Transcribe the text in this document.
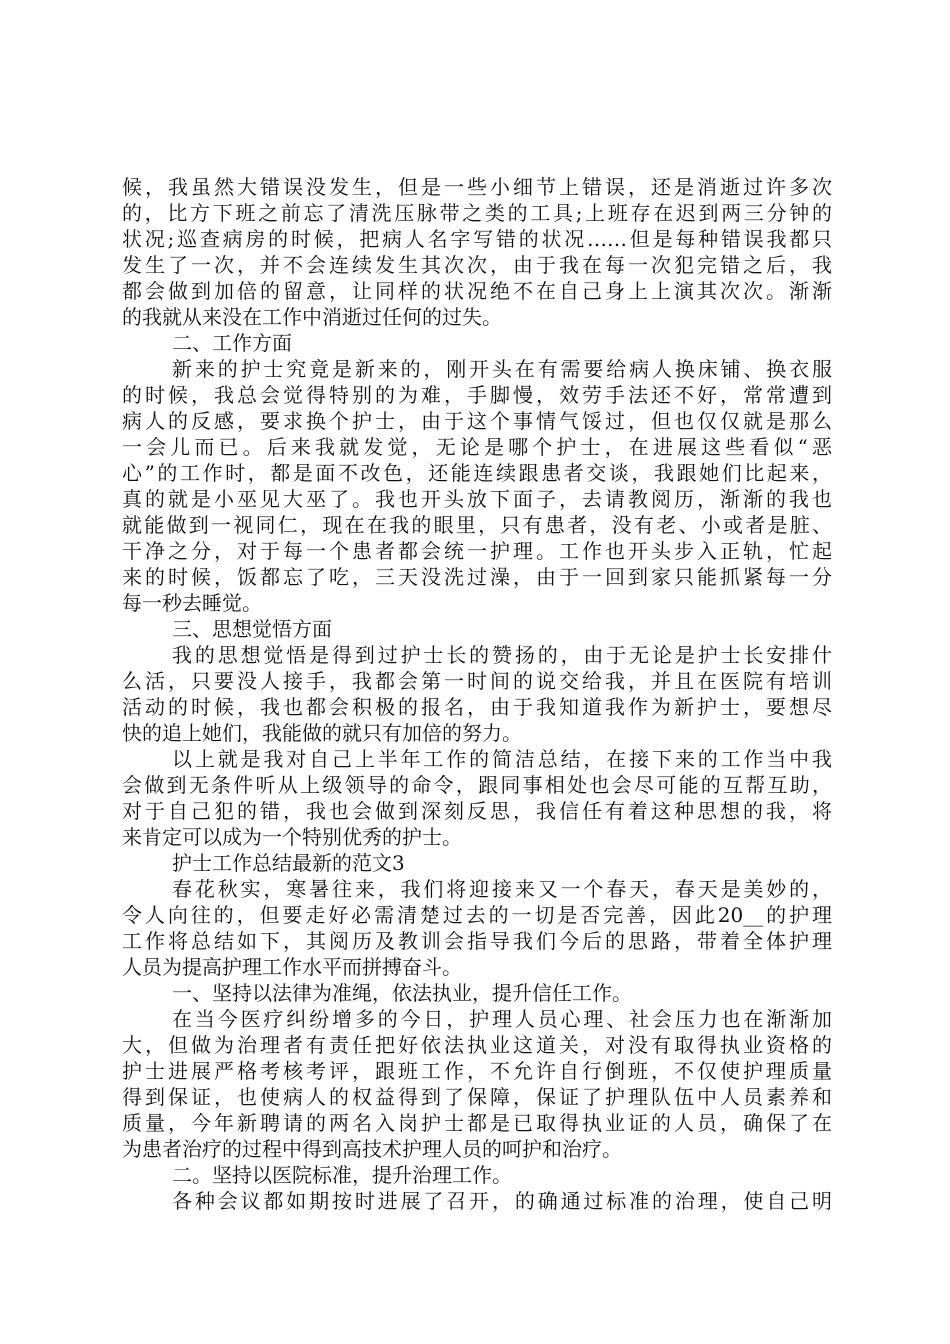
候，我虽然大错误没发生，但是一些小细节上错误，还是消逝过许多次
的，比方下班之前忘了清洗压脉带之类的工具;上班存在迟到两三分钟的
状况;巡查病房的时候，把病人名字写错的状况……但是每种错误我都只
发生了一次，并不会连续发生其次次，由于我在每一次犯完错之后，我
都会做到加倍的留意，让同样的状况绝不在自己身上上演其次次。渐渐
的我就从来没在工作中消逝过任何的过失。
二、工作方面
新来的护士究竟是新来的，刚开头在有需要给病人换床铺、换衣服
的时候，我总会觉得特别的为难，手脚慢，效劳手法还不好，常常遭到
病人的反感，要求换个护士，由于这个事情气馁过，但也仅仅就是那么
一会儿而已。后来我就发觉，无论是哪个护士，在进展这些看似“恶
心”的工作时，都是面不改色，还能连续跟患者交谈，我跟她们比起来，
真的就是小巫见大巫了。我也开头放下面子，去请教阅历，渐渐的我也
就能做到一视同仁，现在在我的眼里，只有患者，没有老、小或者是脏、
干净之分，对于每一个患者都会统一护理。工作也开头步入正轨，忙起
来的时候，饭都忘了吃，三天没洗过澡，由于一回到家只能抓紧每一分
每一秒去睡觉。
三、思想觉悟方面
我的思想觉悟是得到过护士长的赞扬的，由于无论是护士长安排什
么活，只要没人接手，我都会第一时间的说交给我，并且在医院有培训
活动的时候，我也都会积极的报名，由于我知道我作为新护士，要想尽
快的追上她们，我能做的就只有加倍的努力。
以上就是我对自己上半年工作的简洁总结，在接下来的工作当中我
会做到无条件听从上级领导的命令，跟同事相处也会尽可能的互帮互助，
对于自己犯的错，我也会做到深刻反思，我信任有着这种思想的我，将
来肯定可以成为一个特别优秀的护士。
护士工作总结最新的范文3
春花秋实，寒暑往来，我们将迎接来又一个春天，春天是美妙的，
令人向往的，但要走好必需清楚过去的一切是否完善，因此20__的护理
工作将总结如下，其阅历及教训会指导我们今后的思路，带着全体护理
人员为提高护理工作水平而拼搏奋斗。
一、坚持以法律为准绳，依法执业，提升信任工作。
在当今医疗纠纷增多的今日，护理人员心理、社会压力也在渐渐加
大，但做为治理者有责任把好依法执业这道关，对没有取得执业资格的
护士进展严格考核考评，跟班工作，不允许自行倒班，不仅使护理质量
得到保证，也使病人的权益得到了保障，保证了护理队伍中人员素养和
质量，今年新聘请的两名入岗护士都是已取得执业证的人员，确保了在
为患者治疗的过程中得到高技术护理人员的呵护和治疗。
二。坚持以医院标准，提升治理工作。
各种会议都如期按时进展了召开，的确通过标准的治理，使自己明
